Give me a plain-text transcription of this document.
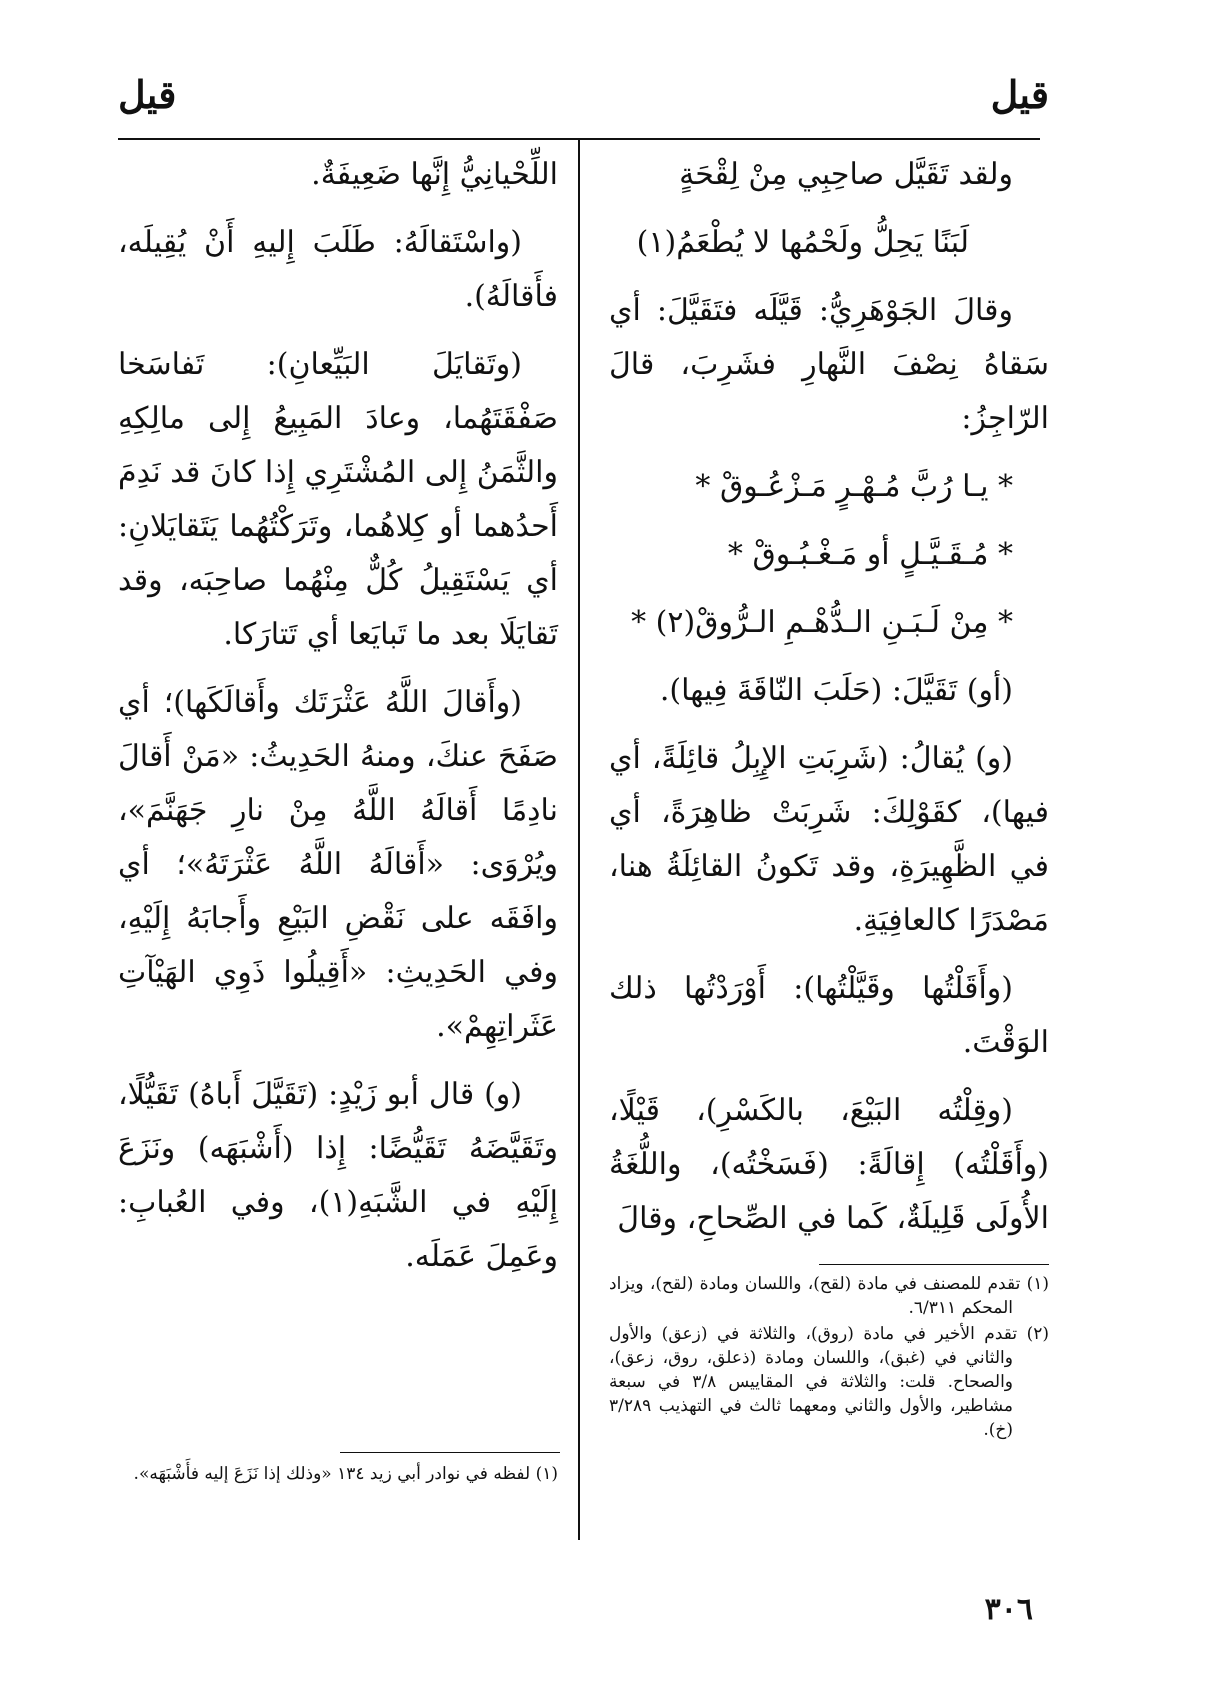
قيل
قيل

ولقد تَقَيَّل صاحِبِي مِنْ لِقْحَةٍ

لَبَنًا يَحِلُّ ولَحْمُها لا يُطْعَمُ(١)

وقالَ الجَوْهَرِيُّ: قَيَّلَه فتَقَيَّلَ: أي سَقاهُ نِصْفَ النَّهارِ فشَرِبَ، قالَ الرّاجِزُ:

* يـا رُبَّ مُـهْـرٍ مَـزْعُـوقْ *

* مُـقَـيَّـلٍ أو مَـغْـبُـوقْ *

* مِنْ لَـبَـنِ الـدُّهْـمِ الـرُّوقْ(٢) *

(أو) تَقَيَّلَ: (حَلَبَ النّاقَةَ فِيها).

(و) يُقالُ: (شَرِبَتِ الإِبِلُ قائِلَةً، أي فيها)، كقَوْلِكَ: شَرِبَتْ ظاهِرَةً، أي في الظَّهِيرَةِ، وقد تَكونُ القائِلَةُ هنا، مَصْدَرًا كالعافِيَةِ.

(وأَقَلْتُها وقَيَّلْتُها): أَوْرَدْتُها ذلك الوَقْتَ.

(وقِلْتُه البَيْعَ، بالكَسْرِ)، قَيْلًا، (وأَقَلْتُه) إِقالَةً: (فَسَخْتُه)، واللُّغَةُ الأُولَى قَلِيلَةٌ، كَما في الصِّحاحِ، وقالَ

اللِّحْيانِيُّ إِنَّها ضَعِيفَةٌ.

(واسْتَقالَهُ: طَلَبَ إِليهِ أَنْ يُقِيلَه، فأَقالَهُ).

(وتَقايَلَ البَيِّعانِ): تَفاسَخا صَفْقَتَهُما، وعادَ المَبِيعُ إِلى مالِكِهِ والثَّمَنُ إِلى المُشْتَرِي إِذا كانَ قد نَدِمَ أَحدُهما أو كِلاهُما، وتَرَكْتُهُما يَتَقايَلانِ: أي يَسْتَقِيلُ كُلٌّ مِنْهُما صاحِبَه، وقد تَقايَلَا بعد ما تَبايَعا أي تَتارَكا.

(وأَقالَ اللَّهُ عَثْرَتَك وأَقالَكَها)؛ أي صَفَحَ عنكَ، ومنهُ الحَدِيثُ: «مَنْ أَقالَ نادِمًا أَقالَهُ اللَّهُ مِنْ نارِ جَهَنَّمَ»، ويُرْوَى: «أَقالَهُ اللَّهُ عَثْرَتَهُ»؛ أي وافَقَه على نَقْضِ البَيْعِ وأَجابَهُ إِلَيْهِ، وفي الحَدِيثِ: «أَقِيلُوا ذَوِي الهَيْآتِ عَثَراتِهِمْ».

(و) قال أبو زَيْدٍ: (تَقَيَّلَ أَباهُ) تَقَيُّلًا، وتَقَيَّضَهُ تَقَيُّضًا: إِذا (أَشْبَهَه) ونَزَعَ إِلَيْهِ في الشَّبَهِ(١)، وفي العُبابِ: وعَمِلَ عَمَلَه.

(١) تقدم للمصنف في مادة (لقح)، واللسان ومادة (لقح)، ويزاد المحكم ٦/٣١١.

(٢) تقدم الأخير في مادة (روق)، والثلاثة في (زعق) والأول والثاني في (غبق)، واللسان ومادة (ذعلق، روق، زعق)، والصحاح. قلت: والثلاثة في المقاييس ٣/٨ في سبعة مشاطير، والأول والثاني ومعهما ثالث في التهذيب ٣/٢٨٩ (خ).

(١) لفظه في نوادر أبي زيد ١٣٤ «وذلك إذا نَزَعَ إليه فأَشْبَهَه».

٣٠٦
